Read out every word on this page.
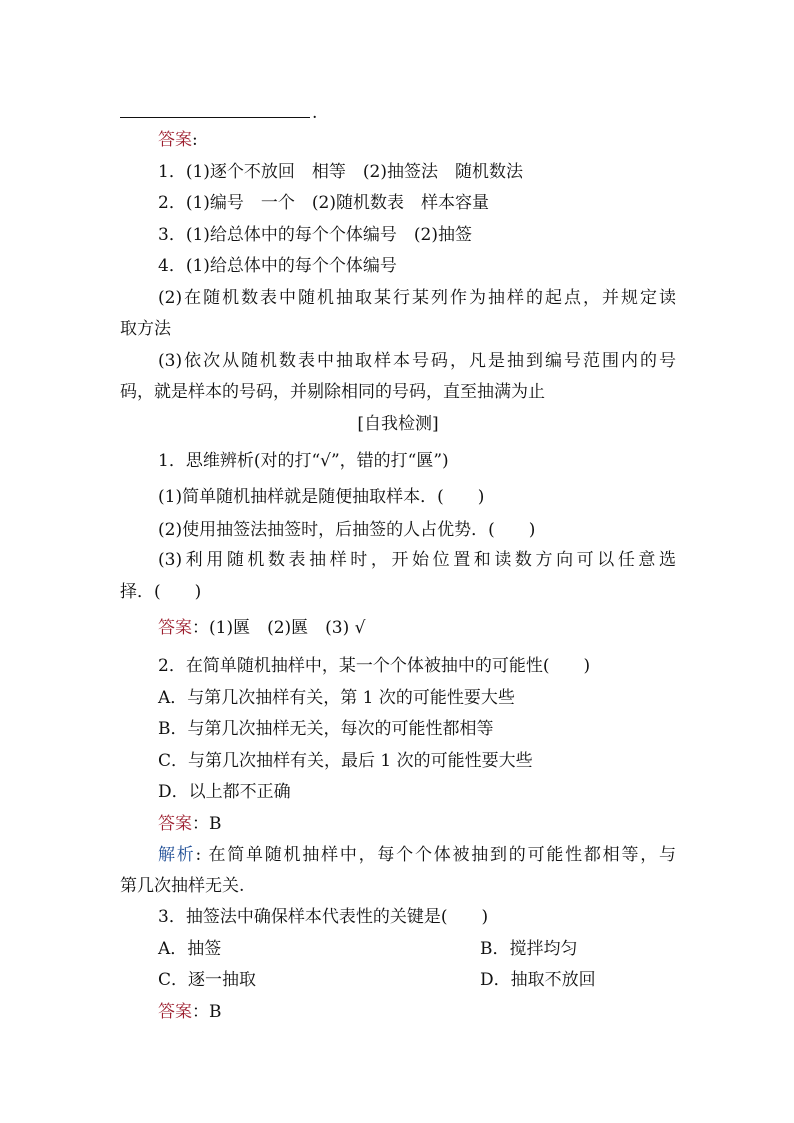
.
答案:
1．(1)逐个不放回　相等　(2)抽签法　随机数法
2．(1)编号　一个　(2)随机数表　样本容量
3．(1)给总体中的每个个体编号　(2)抽签
4．(1)给总体中的每个个体编号
(2)在随机数表中随机抽取某行某列作为抽样的起点，并规定读
取方法
(3)依次从随机数表中抽取样本号码，凡是抽到编号范围内的号
码，就是样本的号码，并剔除相同的号码，直至抽满为止
[自我检测]
1．思维辨析(对的打“√”，错的打“㔴”)
(1)简单随机抽样就是随便抽取样本．(　　)
(2)使用抽签法抽签时，后抽签的人占优势．(　　)
(3)利用随机数表抽样时，开始位置和读数方向可以任意选
择．(　　)
答案：(1)㔴　(2)㔴　(3) √
2．在简单随机抽样中，某一个个体被抽中的可能性(　　)
A．与第几次抽样有关，第 1 次的可能性要大些
B．与第几次抽样无关，每次的可能性都相等
C．与第几次抽样有关，最后 1 次的可能性要大些
D．以上都不正确
答案：B
解析: 在简单随机抽样中，每个个体被抽到的可能性都相等，与
第几次抽样无关.
3．抽签法中确保样本代表性的关键是(　　)
A．抽签	B．搅拌均匀
C．逐一抽取	D．抽取不放回
答案：B
